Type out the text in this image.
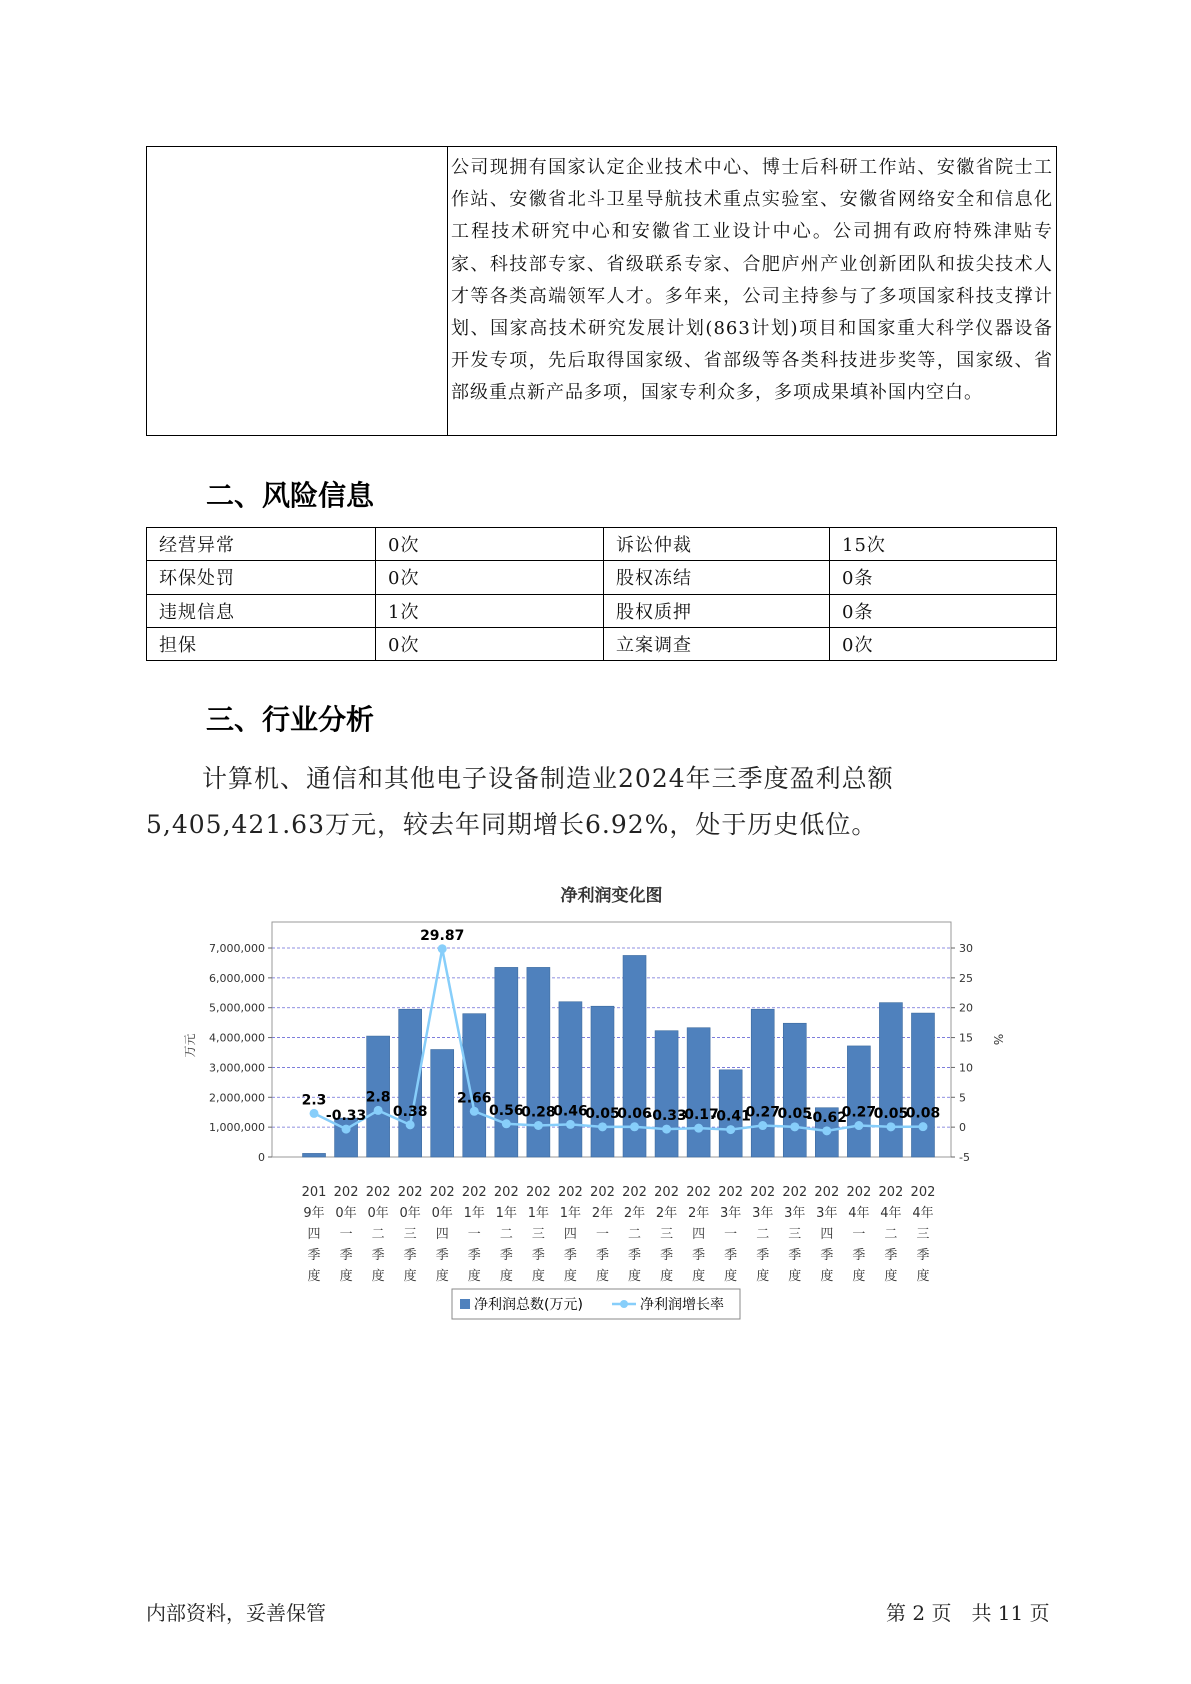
公司现拥有国家认定企业技术中心、博士后科研工作站、安徽省院士工作站、安徽省北斗卫星导航技术重点实验室、安徽省网络安全和信息化工程技术研究中心和安徽省工业设计中心。公司拥有政府特殊津贴专家、科技部专家、省级联系专家、合肥庐州产业创新团队和拔尖技术人才等各类高端领军人才。多年来，公司主持参与了多项国家科技支撑计划、国家高技术研究发展计划(863计划)项目和国家重大科学仪器设备开发专项，先后取得国家级、省部级等各类科技进步奖等，国家级、省部级重点新产品多项，国家专利众多，多项成果填补国内空白。
二、风险信息
经营异常	0次	诉讼仲裁	15次
环保处罚	0次	股权冻结	0条
违规信息	1次	股权质押	0条
担保	0次	立案调查	0次
三、行业分析

计算机、通信和其他电子设备制造业2024年三季度盈利总额5,405,421.63万元，较去年同期增长6.92%，处于历史低位。

净利润变化图
0
1,000,000
2,000,000
3,000,000
4,000,000
5,000,000
6,000,000
7,000,000
-5
0
5
10
15
20
25
30
万元	%
2.3
-0.33
2.8
0.38
29.87
2.66
0.56
0.28
0.46
0.05
0.06
-0.33
-0.17
-0.41
0.27
0.05
-0.62
0.27
0.05
0.08
201 9年四季度
202 0年一季度
202 0年二季度
202 0年三季度
202 0年四季度
202 1年一季度
202 1年二季度
202 1年三季度
202 1年四季度
202 2年一季度
202 2年二季度
202 2年三季度
202 2年四季度
202 3年一季度
202 3年二季度
202 3年三季度
202 3年四季度
202 4年一季度
202 4年二季度
202 4年三季度
净利润总数(万元)	净利润增长率
内部资料，妥善保管	第 2 页　共 11 页
